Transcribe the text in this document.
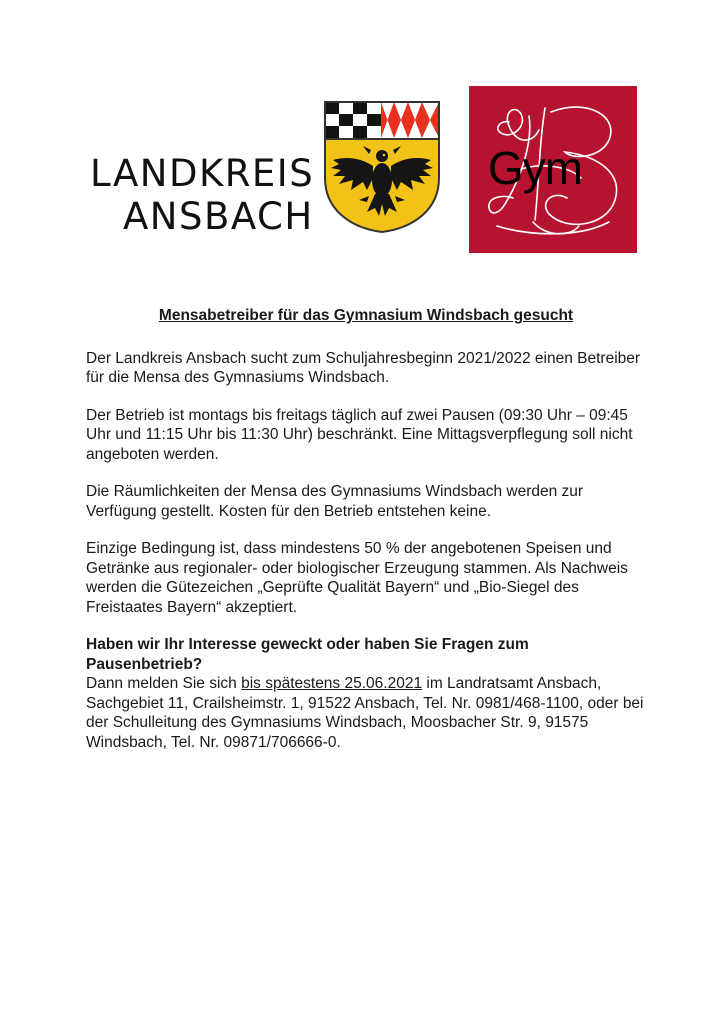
LANDKREIS
ANSBACH
Gym
Mensabetreiber für das Gymnasium Windsbach gesucht
Der Landkreis Ansbach sucht zum Schuljahresbeginn 2021/2022 einen Betreiber für die Mensa des Gymnasiums Windsbach.
Der Betrieb ist montags bis freitags täglich auf zwei Pausen (09:30 Uhr – 09:45 Uhr und 11:15 Uhr bis 11:30 Uhr) beschränkt. Eine Mittagsverpflegung soll nicht angeboten werden.
Die Räumlichkeiten der Mensa des Gymnasiums Windsbach werden zur Verfügung gestellt. Kosten für den Betrieb entstehen keine.
Einzige Bedingung ist, dass mindestens 50 % der angebotenen Speisen und Getränke aus regionaler- oder biologischer Erzeugung stammen. Als Nachweis werden die Gütezeichen „Geprüfte Qualität Bayern“ und „Bio-Siegel des Freistaates Bayern“ akzeptiert.
Haben wir Ihr Interesse geweckt oder haben Sie Fragen zum Pausenbetrieb?
Dann melden Sie sich bis spätestens 25.06.2021 im Landratsamt Ansbach, Sachgebiet 11, Crailsheimstr. 1, 91522 Ansbach, Tel. Nr. 0981/468-1100, oder bei der Schulleitung des Gymnasiums Windsbach, Moosbacher Str. 9, 91575 Windsbach, Tel. Nr. 09871/706666-0.
